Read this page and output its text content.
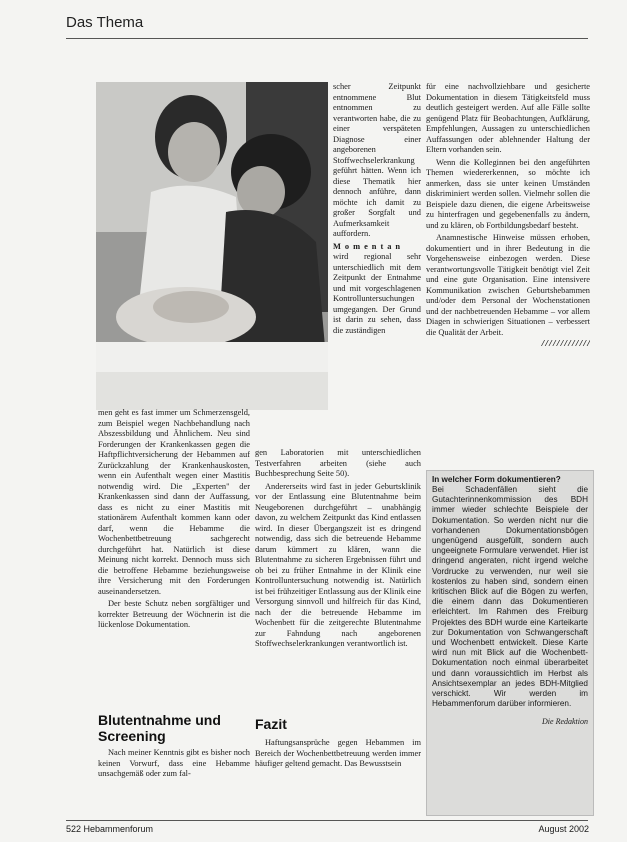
Das Thema

scher Zeitpunkt entnommene Blut entnommen zu verantworten habe, die zu einer verspäteten Diagnose einer angeborenen Stoffwechselerkrankung geführt hätten. Wenn ich diese Thematik hier dennoch anführe, dann möchte ich damit zu großer Sorgfalt und Aufmerksamkeit auffordern.

Momentan wird regional sehr unterschiedlich mit dem Zeitpunkt der Entnahme und mit vorgeschlagenen Kontrolluntersuchungen umgegangen. Der Grund ist darin zu sehen, dass die zuständigen

für eine nachvollziehbare und gesicherte Dokumentation in diesem Tätigkeitsfeld muss deutlich gesteigert werden. Auf alle Fälle sollte genügend Platz für Beobachtungen, Aufklärung, Empfehlungen, Aussagen zu unterschiedlichen Auffassungen oder ablehnender Haltung der Eltern vorhanden sein.

Wenn die Kolleginnen bei den angeführten Themen wiedererkennen, so möchte ich anmerken, dass sie unter keinen Umständen diskriminiert werden sollen. Vielmehr sollen die Beispiele dazu dienen, die eigene Arbeitsweise zu hinterfragen und gegebenenfalls zu ändern, und zu klären, ob Fortbildungsbedarf besteht.

Anamnestische Hinweise müssen erhoben, dokumentiert und in ihrer Bedeutung in die Vorgehensweise einbezogen werden. Diese verantwortungsvolle Tätigkeit benötigt viel Zeit und eine gute Organisation. Eine intensivere Kommunikation zwischen Geburtshebammen und/oder dem Personal der Wochenstationen und der nachbetreuenden Hebamme – vor allem Diagen in schwierigen Situationen – verbessert die Qualität der Arbeit.

/////////////

men geht es fast immer um Schmerzensgeld, zum Beispiel wegen Nachbehandlung nach Abszessbildung und Ähnlichem. Neu sind Forderungen der Krankenkassen gegen die Haftpflichtversicherung der Hebammen auf Zurückzahlung der Krankenhauskosten, wenn ein Aufenthalt wegen einer Mastitis notwendig wird. Die „Experten" der Krankenkassen sind dann der Auffassung, dass es nicht zu einer Mastitis mit stationärem Aufenthalt kommen kann oder darf, wenn die Hebamme die Wochenbettbetreuung sachgerecht durchgeführt hat. Natürlich ist diese Meinung nicht korrekt. Dennoch muss sich die betroffene Hebamme beziehungsweise ihre Versicherung mit den Forderungen auseinandersetzen.

Der beste Schutz neben sorgfältiger und korrekter Betreuung der Wöchnerin ist die lückenlose Dokumentation.

gen Laboratorien mit unterschiedlichen Testverfahren arbeiten (siehe auch Buchbesprechung Seite 50).

Andererseits wird fast in jeder Geburtsklinik vor der Entlassung eine Blutentnahme beim Neugeborenen durchgeführt – unabhängig davon, zu welchem Zeitpunkt das Kind entlassen wird. In dieser Übergangszeit ist es dringend notwendig, dass sich die betreuende Hebamme darum kümmert zu klären, wann die Blutentnahme zu sicheren Ergebnissen führt und ob bei zu früher Entnahme in der Klinik eine Kontrolluntersuchung notwendig ist. Natürlich ist bei frühzeitiger Entlassung aus der Klinik eine Versorgung sinnvoll und hilfreich für das Kind, nach der die betreuende Hebamme im Wochenbett für die zeitgerechte Blutentnahme zur Fahndung nach angeborenen Stoffwechselerkrankungen verantwortlich ist.

Blutentnahme und Screening
Fazit

Nach meiner Kenntnis gibt es bisher noch keinen Vorwurf, dass eine Hebamme unsachgemäß oder zum fal-

Haftungsansprüche gegen Hebammen im Bereich der Wochenbettbetreuung werden immer häufiger geltend gemacht. Das Bewusstsein

In welcher Form dokumentieren?

Bei Schadenfällen sieht die Gutachterinnenkommission des BDH immer wieder schlechte Beispiele der Dokumentation. So werden nicht nur die vorhandenen Dokumentationsbögen ungenügend ausgefüllt, sondern auch ungeeignete Formulare verwendet. Hier ist dringend angeraten, nicht irgend welche Vordrucke zu verwenden, nur weil sie kostenlos zu haben sind, sondern einen kritischen Blick auf die Bögen zu werfen, die einem dann das Dokumentieren erleichtert. Im Rahmen des Freiburg Projektes des BDH wurde eine Karteikarte zur Dokumentation von Schwangerschaft und Wochenbett entwickelt. Diese Karte wird nun mit Blick auf die Wochenbett-Dokumentation noch einmal überarbeitet und dann voraussichtlich im Herbst als Ansichtsexemplar an jedes BDH-Mitglied verschickt. Wir werden im Hebammenforum darüber informieren.

Die Redaktion
522 Hebammenforum	August 2002
